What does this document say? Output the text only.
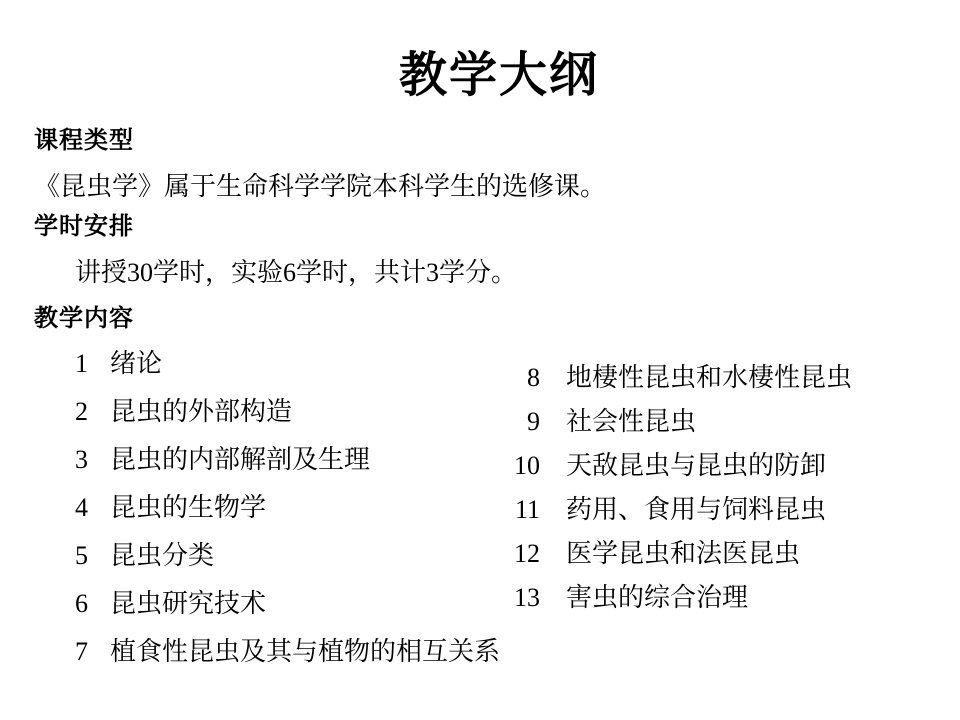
教学大纲
课程类型
《昆虫学》属于生命科学学院本科学生的选修课。
学时安排
讲授30学时，实验6学时，共计3学分。
教学内容
1 绪论
2 昆虫的外部构造
3 昆虫的内部解剖及生理
4 昆虫的生物学
5 昆虫分类
6 昆虫研究技术
7 植食性昆虫及其与植物的相互关系
8 地棲性昆虫和水棲性昆虫
9 社会性昆虫
10 天敌昆虫与昆虫的防卸
11 药用、食用与饲料昆虫
12 医学昆虫和法医昆虫
13 害虫的综合治理
